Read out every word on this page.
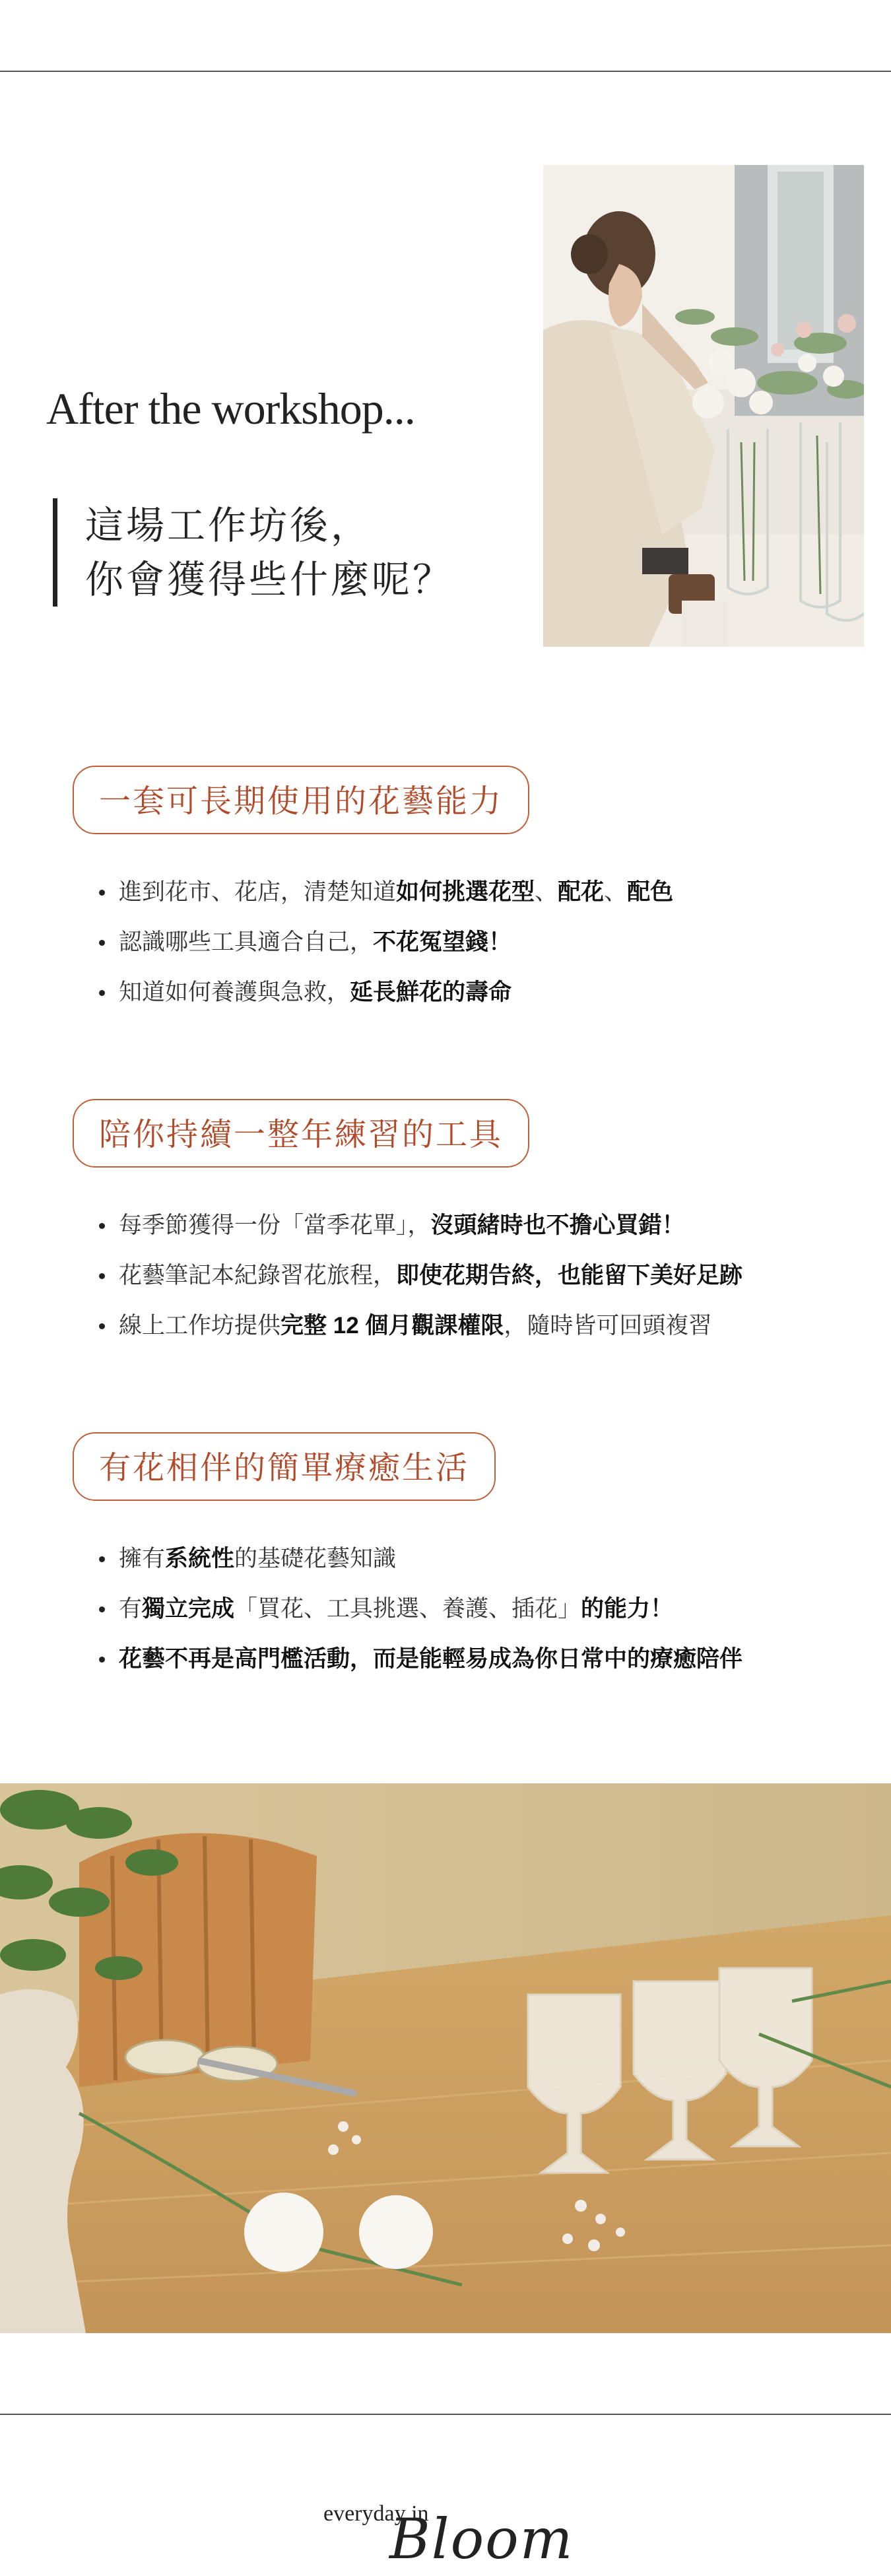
After the workshop...
這場工作坊後，
你會獲得些什麼呢？
一套可長期使用的花藝能力
進到花市、花店，清楚知道如何挑選花型、配花、配色
認識哪些工具適合自己，不花冤望錢！
知道如何養護與急救，延長鮮花的壽命
陪你持續一整年練習的工具
每季節獲得一份「當季花單」，沒頭緒時也不擔心買錯！
花藝筆記本紀錄習花旅程，即使花期告終，也能留下美好足跡
線上工作坊提供完整 12 個月觀課權限，隨時皆可回頭複習
有花相伴的簡單療癒生活
擁有系統性的基礎花藝知識
有獨立完成「買花、工具挑選、養護、插花」的能力！
花藝不再是高門檻活動，而是能輕易成為你日常中的療癒陪伴
everyday in
Bloom
